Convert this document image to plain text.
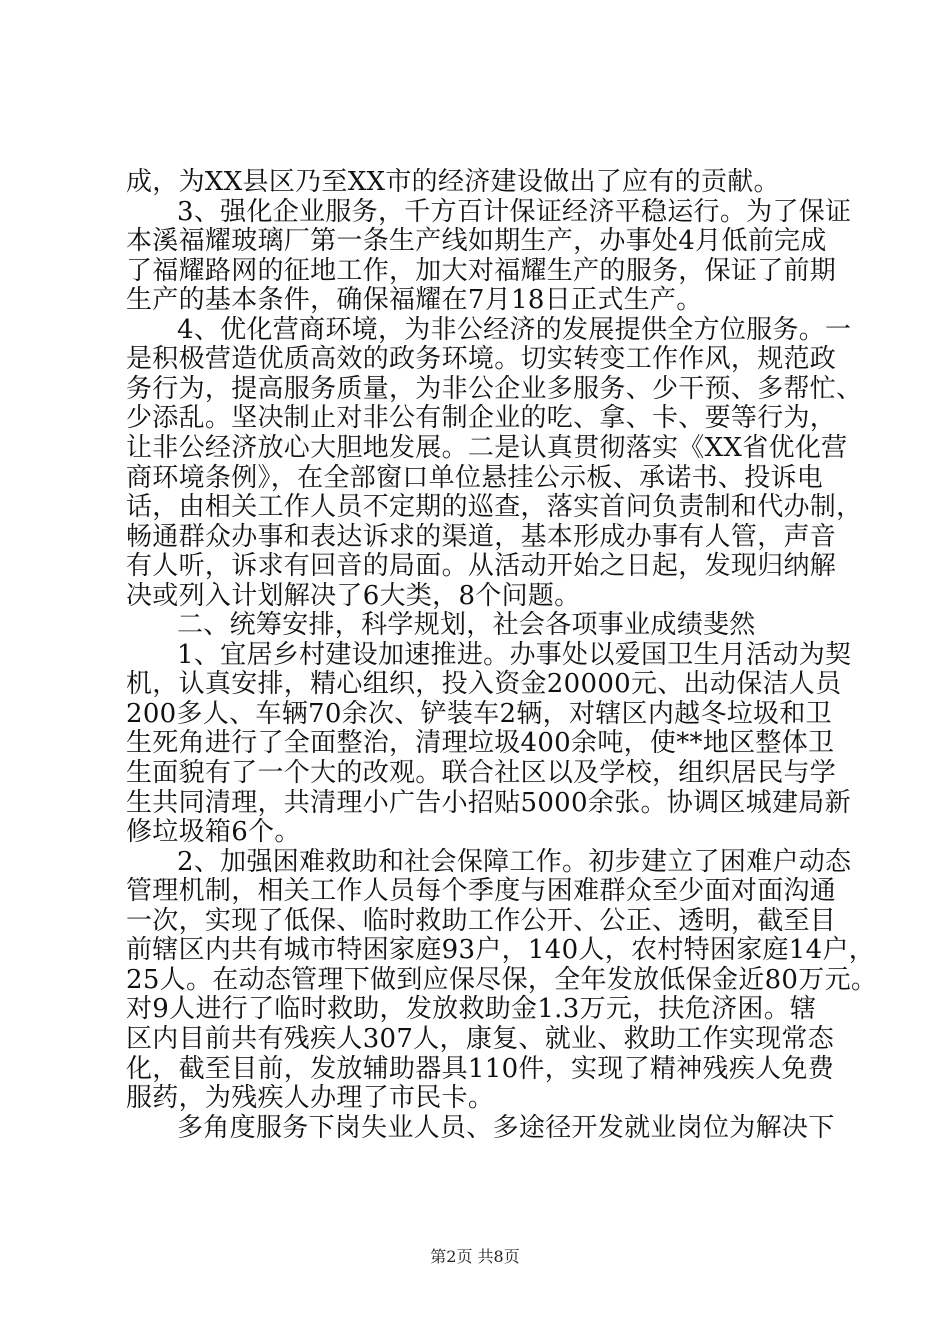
成，为XX县区乃至XX市的经济建设做出了应有的贡献。
3、强化企业服务，千方百计保证经济平稳运行。为了保证
本溪福耀玻璃厂第一条生产线如期生产，办事处4月低前完成
了福耀路网的征地工作，加大对福耀生产的服务，保证了前期
生产的基本条件，确保福耀在7月18日正式生产。
4、优化营商环境，为非公经济的发展提供全方位服务。一
是积极营造优质高效的政务环境。切实转变工作作风，规范政
务行为，提高服务质量，为非公企业多服务、少干预、多帮忙、
少添乱。坚决制止对非公有制企业的吃、拿、卡、要等行为，
让非公经济放心大胆地发展。二是认真贯彻落实《XX省优化营
商环境条例》，在全部窗口单位悬挂公示板、承诺书、投诉电
话，由相关工作人员不定期的巡查，落实首问负责制和代办制，
畅通群众办事和表达诉求的渠道，基本形成办事有人管，声音
有人听，诉求有回音的局面。从活动开始之日起，发现归纳解
决或列入计划解决了6大类，8个问题。
二、统筹安排，科学规划，社会各项事业成绩斐然
1、宜居乡村建设加速推进。办事处以爱国卫生月活动为契
机，认真安排，精心组织，投入资金20000元、出动保洁人员
200多人、车辆70余次、铲装车2辆，对辖区内越冬垃圾和卫
生死角进行了全面整治，清理垃圾400余吨，使**地区整体卫
生面貌有了一个大的改观。联合社区以及学校，组织居民与学
生共同清理，共清理小广告小招贴5000余张。协调区城建局新
修垃圾箱6个。
2、加强困难救助和社会保障工作。初步建立了困难户动态
管理机制，相关工作人员每个季度与困难群众至少面对面沟通
一次，实现了低保、临时救助工作公开、公正、透明，截至目
前辖区内共有城市特困家庭93户，140人，农村特困家庭14户，
25人。在动态管理下做到应保尽保，全年发放低保金近80万元。
对9人进行了临时救助，发放救助金1.3万元，扶危济困。辖
区内目前共有残疾人307人，康复、就业、救助工作实现常态
化，截至目前，发放辅助器具110件，实现了精神残疾人免费
服药，为残疾人办理了市民卡。
多角度服务下岗失业人员、多途径开发就业岗位为解决下
第2页 共8页
